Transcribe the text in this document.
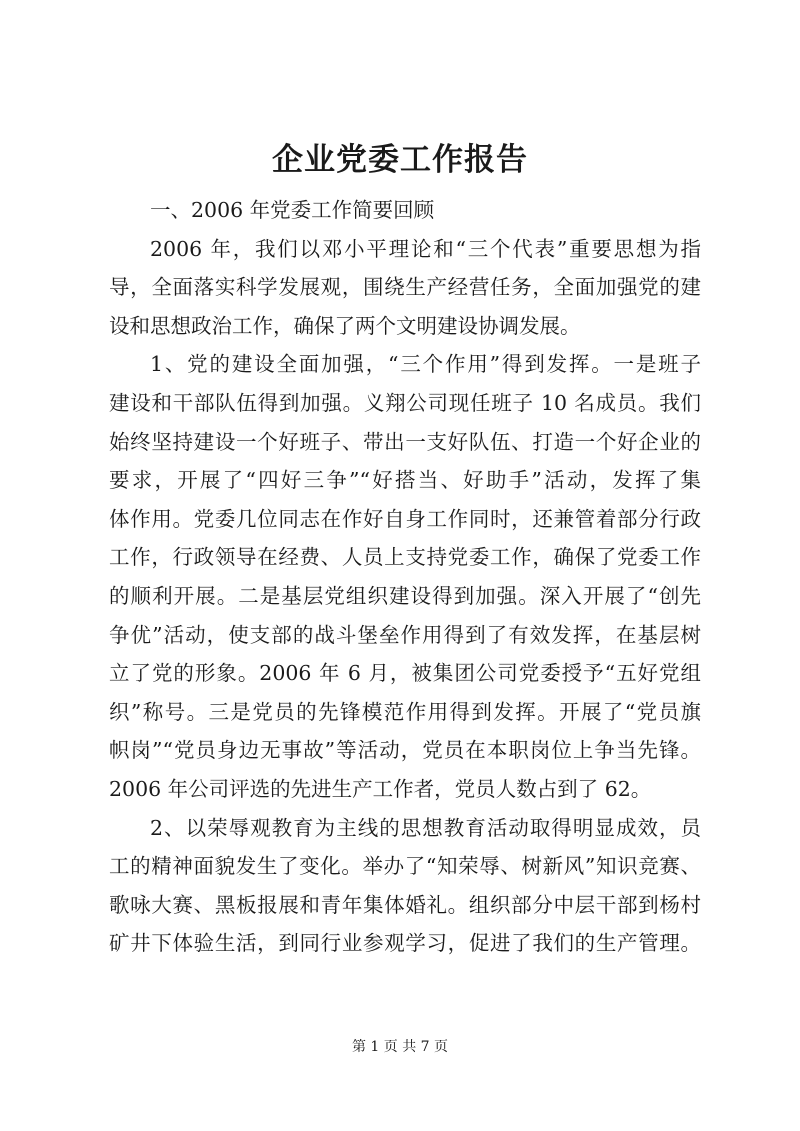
企业党委工作报告
一、2006 年党委工作简要回顾
2006 年，我们以邓小平理论和“三个代表”重要思想为指
导，全面落实科学发展观，围绕生产经营任务，全面加强党的建
设和思想政治工作，确保了两个文明建设协调发展。
1、党的建设全面加强，“三个作用”得到发挥。一是班子
建设和干部队伍得到加强。义翔公司现任班子 10 名成员。我们
始终坚持建设一个好班子、带出一支好队伍、打造一个好企业的
要求，开展了“四好三争”“好搭当、好助手”活动，发挥了集
体作用。党委几位同志在作好自身工作同时，还兼管着部分行政
工作，行政领导在经费、人员上支持党委工作，确保了党委工作
的顺利开展。二是基层党组织建设得到加强。深入开展了“创先
争优”活动，使支部的战斗堡垒作用得到了有效发挥，在基层树
立了党的形象。2006 年 6 月，被集团公司党委授予“五好党组
织”称号。三是党员的先锋模范作用得到发挥。开展了“党员旗
帜岗”“党员身边无事故”等活动，党员在本职岗位上争当先锋。
2006 年公司评选的先进生产工作者，党员人数占到了 62。
2、以荣辱观教育为主线的思想教育活动取得明显成效，员
工的精神面貌发生了变化。举办了“知荣辱、树新风”知识竞赛、
歌咏大赛、黑板报展和青年集体婚礼。组织部分中层干部到杨村
矿井下体验生活，到同行业参观学习，促进了我们的生产管理。
第 1 页 共 7 页
